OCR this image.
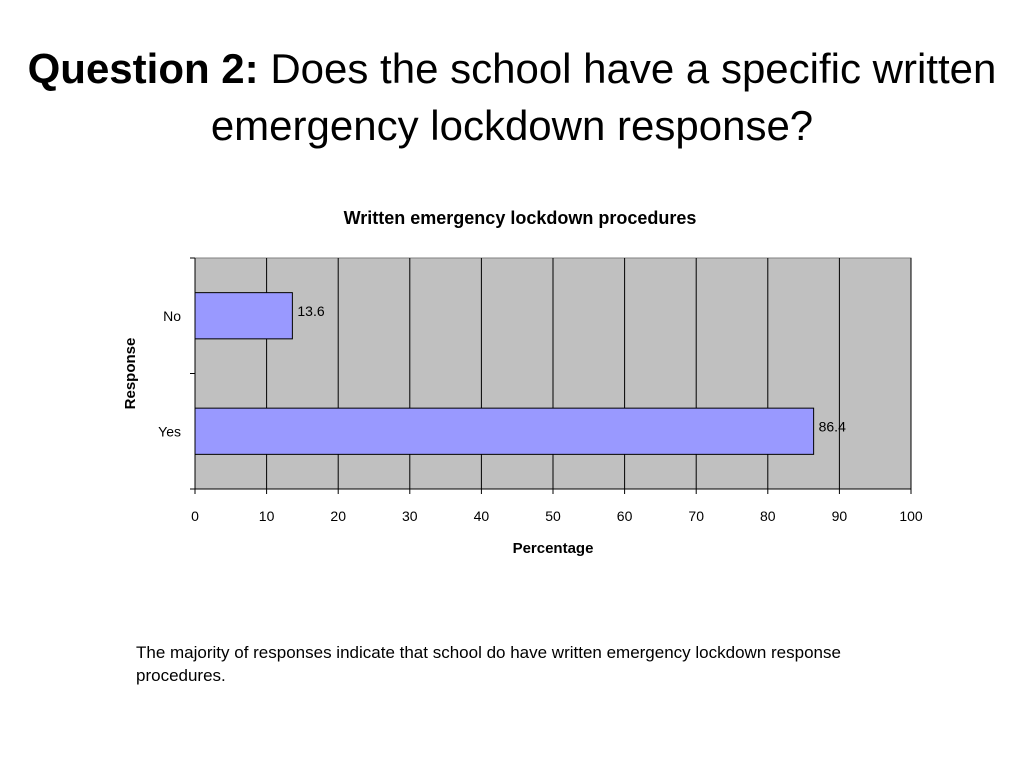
Question 2: Does the school have a specific written emergency lockdown response?
0	10	20	30	40	50	60	70	80	90	100
No	13.6
Yes	86.4
Written emergency lockdown procedures
Percentage
Response
The majority of responses indicate that school do have written emergency lockdown response procedures.
